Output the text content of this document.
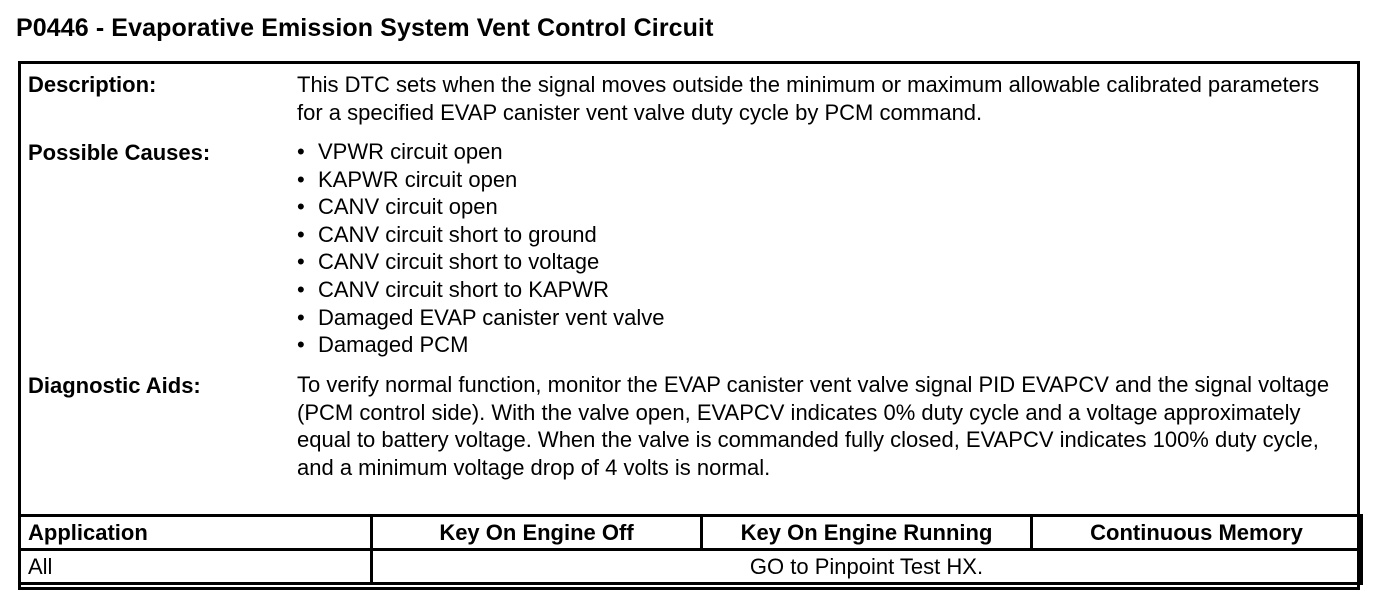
P0446 - Evaporative Emission System Vent Control Circuit
Description:	This DTC sets when the signal moves outside the minimum or maximum allowable calibrated parameters for a specified EVAP canister vent valve duty cycle by PCM command.
Possible Causes:	• VPWR circuit open
• KAPWR circuit open
• CANV circuit open
• CANV circuit short to ground
• CANV circuit short to voltage
• CANV circuit short to KAPWR
• Damaged EVAP canister vent valve
• Damaged PCM
Diagnostic Aids:	To verify normal function, monitor the EVAP canister vent valve signal PID EVAPCV and the signal voltage (PCM control side). With the valve open, EVAPCV indicates 0% duty cycle and a voltage approximately equal to battery voltage. When the valve is commanded fully closed, EVAPCV indicates 100% duty cycle, and a minimum voltage drop of 4 volts is normal.
Application	Key On Engine Off	Key On Engine Running	Continuous Memory
All	GO to Pinpoint Test HX.		
